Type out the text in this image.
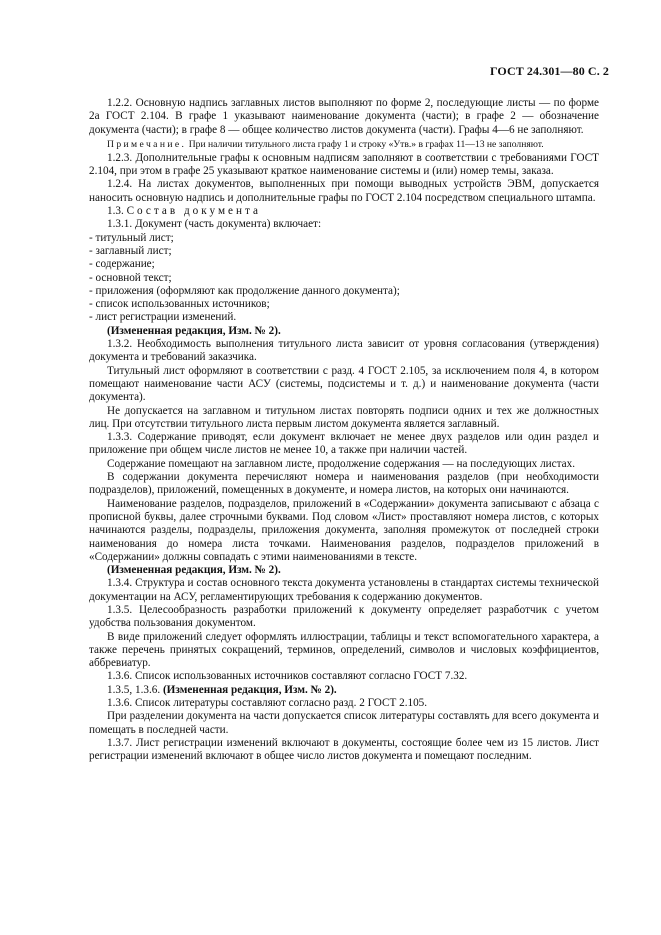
ГОСТ 24.301—80 С. 2

1.2.2. Основную надпись заглавных листов выполняют по форме 2, последующие листы — по форме 2а ГОСТ 2.104. В графе 1 указывают наименование документа (части); в графе 2 — обозначение документа (части); в графе 8 — общее количество листов документа (части). Графы 4—6 не заполняют.

Примечание. При наличии титульного листа графу 1 и строку «Утв.» в графах 11—13 не заполняют.

1.2.3. Дополнительные графы к основным надписям заполняют в соответствии с требованиями ГОСТ 2.104, при этом в графе 25 указывают краткое наименование системы и (или) номер темы, заказа.

1.2.4. На листах документов, выполненных при помощи выводных устройств ЭВМ, допускается наносить основную надпись и дополнительные графы по ГОСТ 2.104 посредством специального штампа.

1.3. Состав документа

1.3.1. Документ (часть документа) включает:

- титульный лист;

- заглавный лист;

- содержание;

- основной текст;

- приложения (оформляют как продолжение данного документа);

- список использованных источников;

- лист регистрации изменений.

(Измененная редакция, Изм. № 2).

1.3.2. Необходимость выполнения титульного листа зависит от уровня согласования (утверждения) документа и требований заказчика.

Титульный лист оформляют в соответствии с разд. 4 ГОСТ 2.105, за исключением поля 4, в котором помещают наименование части АСУ (системы, подсистемы и т. д.) и наименование документа (части документа).

Не допускается на заглавном и титульном листах повторять подписи одних и тех же должностных лиц. При отсутствии титульного листа первым листом документа является заглавный.

1.3.3. Содержание приводят, если документ включает не менее двух разделов или один раздел и приложение при общем числе листов не менее 10, а также при наличии частей.

Содержание помещают на заглавном листе, продолжение содержания — на последующих листах.

В содержании документа перечисляют номера и наименования разделов (при необходимости подразделов), приложений, помещенных в документе, и номера листов, на которых они начинаются.

Наименование разделов, подразделов, приложений в «Содержании» документа записывают с абзаца с прописной буквы, далее строчными буквами. Под словом «Лист» проставляют номера листов, с которых начинаются разделы, подразделы, приложения документа, заполняя промежуток от последней строки наименования до номера листа точками. Наименования разделов, подразделов приложений в «Содержании» должны совпадать с этими наименованиями в тексте.

(Измененная редакция, Изм. № 2).

1.3.4. Структура и состав основного текста документа установлены в стандартах системы технической документации на АСУ, регламентирующих требования к содержанию документов.

1.3.5. Целесообразность разработки приложений к документу определяет разработчик с учетом удобства пользования документом.

В виде приложений следует оформлять иллюстрации, таблицы и текст вспомогательного характера, а также перечень принятых сокращений, терминов, определений, символов и числовых коэффициентов, аббревиатур.

1.3.6. Список использованных источников составляют согласно ГОСТ 7.32.

1.3.5, 1.3.6. (Измененная редакция, Изм. № 2).

1.3.6. Список литературы составляют согласно разд. 2 ГОСТ 2.105.

При разделении документа на части допускается список литературы составлять для всего документа и помещать в последней части.

1.3.7. Лист регистрации изменений включают в документы, состоящие более чем из 15 листов. Лист регистрации изменений включают в общее число листов документа и помещают последним.
